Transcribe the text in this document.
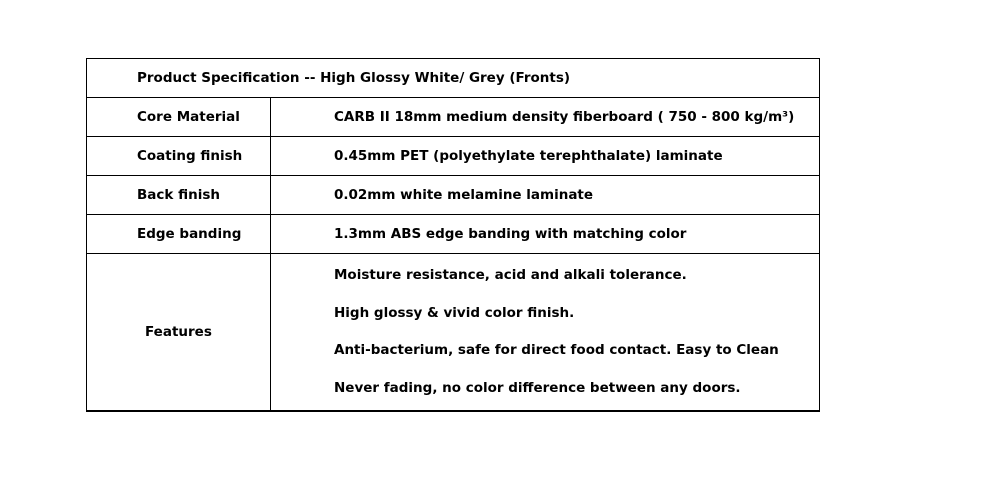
Product Specification -- High Glossy White/ Grey (Fronts)	
Core Material	CARB II 18mm medium density fiberboard ( 750 - 800 kg/m³)
Coating finish	0.45mm PET (polyethylate terephthalate) laminate
Back finish	0.02mm white melamine laminate
Edge banding	1.3mm ABS edge banding with matching color
Features	Moisture resistance, acid and alkali tolerance.
High glossy & vivid color finish.
Anti-bacterium, safe for direct food contact. Easy to Clean
Never fading, no color difference between any doors.
